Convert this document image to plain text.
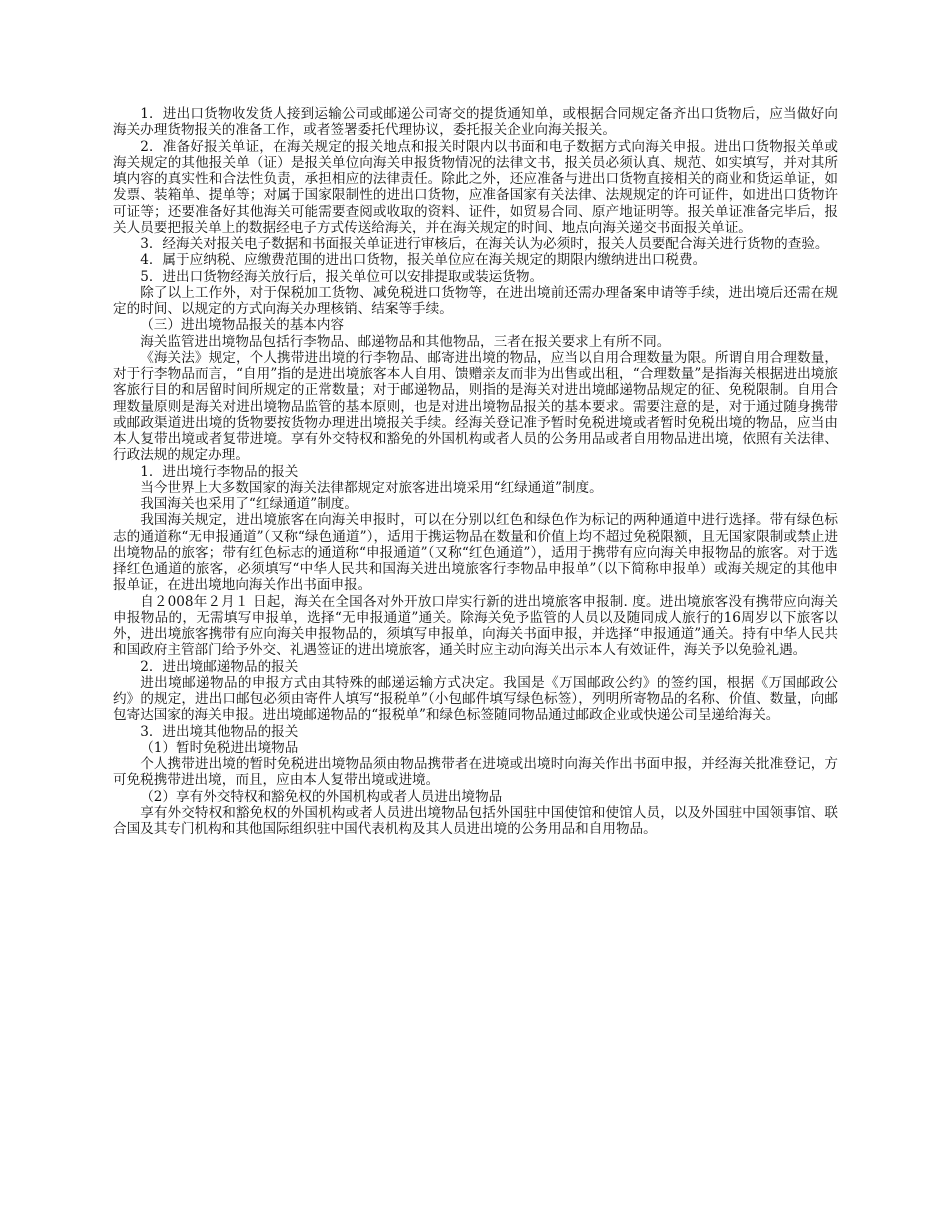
1．进出口货物收发货人接到运输公司或邮递公司寄交的提货通知单，或根据合同规定备齐出口货物后，应当做好向海关办理货物报关的准备工作，或者签署委托代理协议，委托报关企业向海关报关。

2．准备好报关单证，在海关规定的报关地点和报关时限内以书面和电子数据方式向海关申报。进出口货物报关单或海关规定的其他报关单（证）是报关单位向海关申报货物情况的法律文书，报关员必须认真、规范、如实填写，并对其所填内容的真实性和合法性负责，承担相应的法律责任。除此之外，还应准备与进出口货物直接相关的商业和货运单证，如发票、装箱单、提单等；对属于国家限制性的进出口货物，应准备国家有关法律、法规规定的许可证件，如进出口货物许可证等；还要准备好其他海关可能需要查阅或收取的资料、证件，如贸易合同、原产地证明等。报关单证准备完毕后，报关人员要把报关单上的数据经电子方式传送给海关，并在海关规定的时间、地点向海关递交书面报关单证。

3．经海关对报关电子数据和书面报关单证进行审核后，在海关认为必须时，报关人员要配合海关进行货物的查验。

4．属于应纳税、应缴费范围的进出口货物，报关单位应在海关规定的期限内缴纳进出口税费。

5．进出口货物经海关放行后，报关单位可以安排提取或装运货物。

除了以上工作外，对于保税加工货物、减免税进口货物等，在进出境前还需办理备案申请等手续，进出境后还需在规定的时间、以规定的方式向海关办理核销、结案等手续。

（三）进出境物品报关的基本内容

海关监管进出境物品包括行李物品、邮递物品和其他物品，三者在报关要求上有所不同。

《海关法》规定，个人携带进出境的行李物品、邮寄进出境的物品，应当以自用合理数量为限。所谓自用合理数量，对于行李物品而言，“自用”指的是进出境旅客本人自用、馈赠亲友而非为出售或出租，“合理数量”是指海关根据进出境旅客旅行目的和居留时间所规定的正常数量；对于邮递物品，则指的是海关对进出境邮递物品规定的征、免税限制。自用合理数量原则是海关对进出境物品监管的基本原则，也是对进出境物品报关的基本要求。需要注意的是，对于通过随身携带或邮政渠道进出境的货物要按货物办理进出境报关手续。经海关登记准予暂时免税进境或者暂时免税出境的物品，应当由本人复带出境或者复带进境。享有外交特权和豁免的外国机构或者人员的公务用品或者自用物品进出境，依照有关法律、行政法规的规定办理。

1．进出境行李物品的报关

当今世界上大多数国家的海关法律都规定对旅客进出境采用“红绿通道”制度。

我国海关也采用了“红绿通道”制度。

我国海关规定，进出境旅客在向海关申报时，可以在分别以红色和绿色作为标记的两种通道中进行选择。带有绿色标志的通道称“无申报通道”（又称“绿色通道”），适用于携运物品在数量和价值上均不超过免税限额，且无国家限制或禁止进出境物品的旅客；带有红色标志的通道称“申报通道”（又称“红色通道”），适用于携带有应向海关申报物品的旅客。对于选择红色通道的旅客，必须填写“中华人民共和国海关进出境旅客行李物品申报单”（以下简称申报单）或海关规定的其他申报单证，在进出境地向海关作出书面申报。

自２008年２月１ 日起，海关在全国各对外开放口岸实行新的进出境旅客申报制. 度。进出境旅客没有携带应向海关申报物品的，无需填写申报单，选择“无申报通道”通关。除海关免予监管的人员以及随同成人旅行的16周岁以下旅客以外，进出境旅客携带有应向海关申报物品的，须填写申报单，向海关书面申报，并选择“申报通道”通关。持有中华人民共和国政府主管部门给予外交、礼遇签证的进出境旅客，通关时应主动向海关出示本人有效证件，海关予以免验礼遇。

2．进出境邮递物品的报关

进出境邮递物品的申报方式由其特殊的邮递运输方式决定。我国是《万国邮政公约》的签约国，根据《万国邮政公约》的规定，进出口邮包必须由寄件人填写“报税单”（小包邮件填写绿色标签），列明所寄物品的名称、价值、数量，向邮包寄达国家的海关申报。进出境邮递物品的“报税单”和绿色标签随同物品通过邮政企业或快递公司呈递给海关。

3．进出境其他物品的报关

（1）暂时免税进出境物品

个人携带进出境的暂时免税进出境物品须由物品携带者在进境或出境时向海关作出书面申报，并经海关批准登记，方可免税携带进出境，而且，应由本人复带出境或进境。

（2）享有外交特权和豁免权的外国机构或者人员进出境物品

享有外交特权和豁免权的外国机构或者人员进出境物品包括外国驻中国使馆和使馆人员，以及外国驻中国领事馆、联合国及其专门机构和其他国际组织驻中国代表机构及其人员进出境的公务用品和自用物品。
